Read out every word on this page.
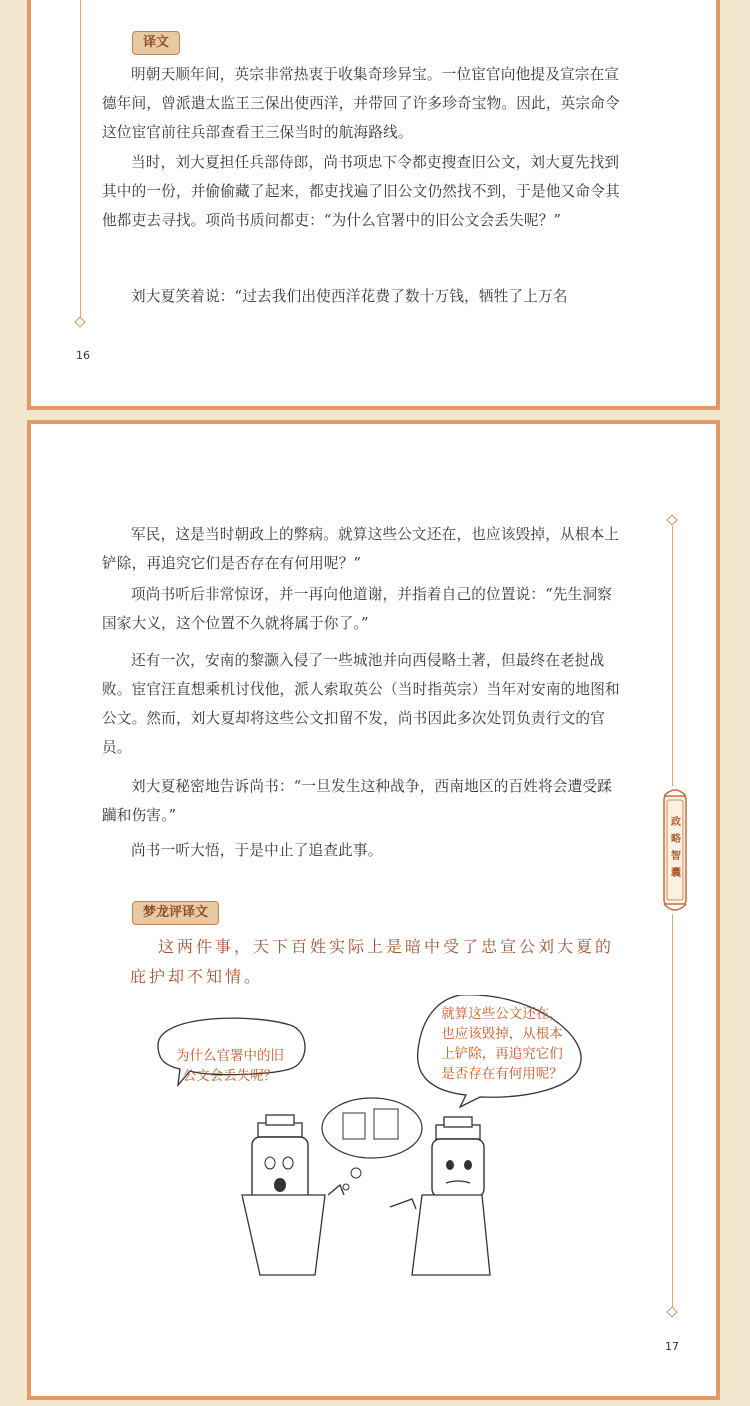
译文

明朝天顺年间，英宗非常热衷于收集奇珍异宝。一位宦官向他提及宣宗在宣德年间，曾派遣太监王三保出使西洋，并带回了许多珍奇宝物。因此，英宗命令这位宦官前往兵部查看王三保当时的航海路线。

当时，刘大夏担任兵部侍郎，尚书项忠下令都吏搜查旧公文，刘大夏先找到其中的一份，并偷偷藏了起来，都吏找遍了旧公文仍然找不到，于是他又命令其他都吏去寻找。项尚书质问都吏：“为什么官署中的旧公文会丢失呢？”

刘大夏笑着说：“过去我们出使西洋花费了数十万钱，牺牲了上万名

16

军民，这是当时朝政上的弊病。就算这些公文还在，也应该毁掉，从根本上铲除，再追究它们是否存在有何用呢？”

项尚书听后非常惊讶，并一再向他道谢，并指着自己的位置说：“先生洞察国家大义，这个位置不久就将属于你了。”

还有一次，安南的黎灏入侵了一些城池并向西侵略土著，但最终在老挝战败。宦官汪直想乘机讨伐他，派人索取英公（当时指英宗）当年对安南的地图和公文。然而，刘大夏却将这些公文扣留不发，尚书因此多次处罚负责行文的官员。

刘大夏秘密地告诉尚书：“一旦发生这种战争，西南地区的百姓将会遭受蹂躏和伤害。”

尚书一听大悟，于是中止了追查此事。

梦龙评译文

这两件事，天下百姓实际上是暗中受了忠宣公刘大夏的庇护却不知情。

政
略
智
囊
为什么官署中的旧
公文会丢失呢？
就算这些公文还在，
也应该毁掉，从根本
上铲除，再追究它们
是否存在有何用呢？
17
